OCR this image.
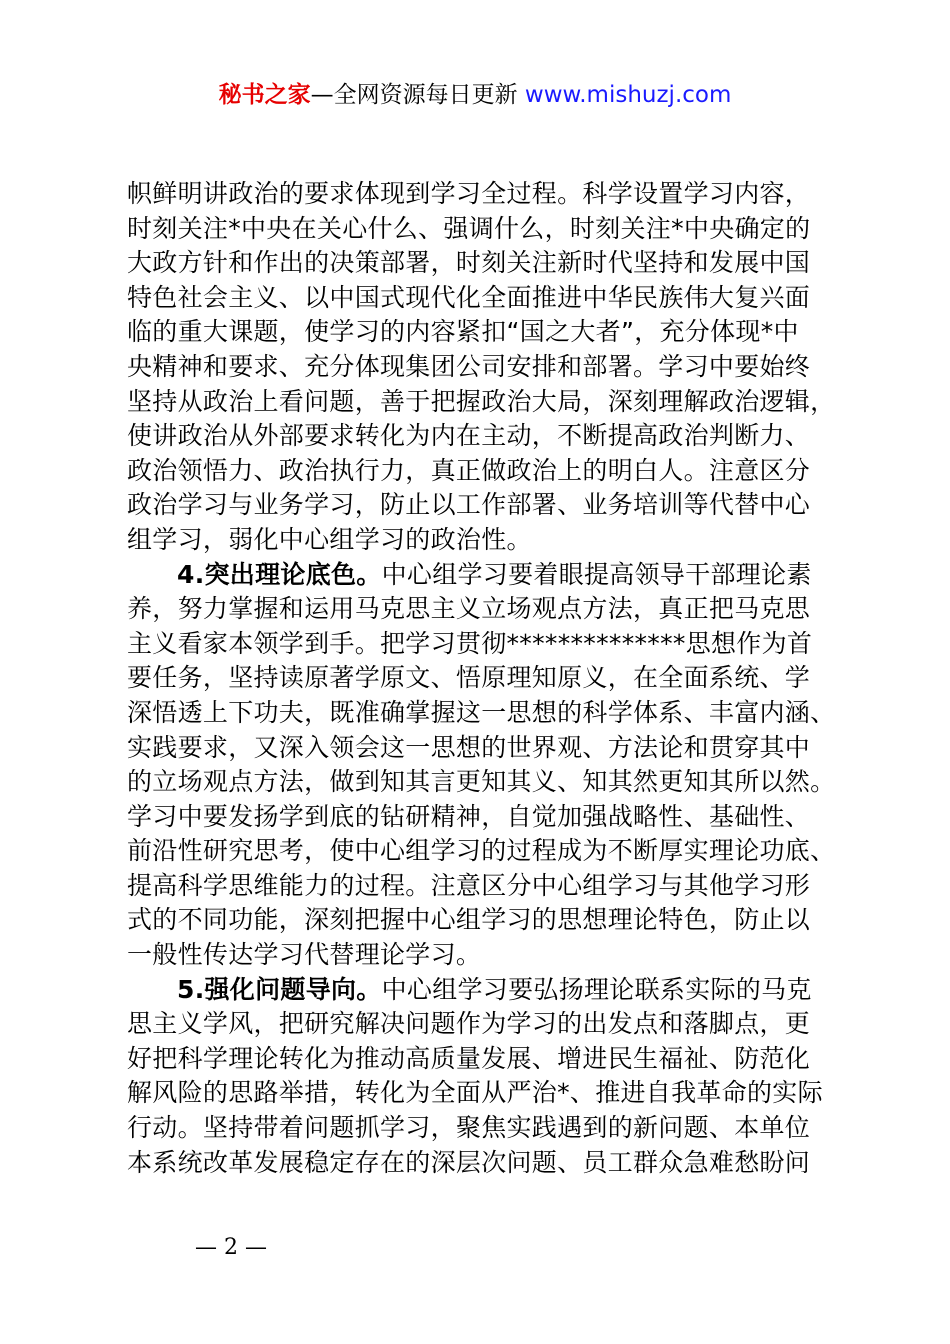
秘书之家—全网资源每日更新 www.mishuzj.com
帜鲜明讲政治的要求体现到学习全过程。科学设置学习内容，
时刻关注*中央在关心什么、强调什么，时刻关注*中央确定的
大政方针和作出的决策部署，时刻关注新时代坚持和发展中国
特色社会主义、以中国式现代化全面推进中华民族伟大复兴面
临的重大课题，使学习的内容紧扣“国之大者”，充分体现*中
央精神和要求、充分体现集团公司安排和部署。学习中要始终
坚持从政治上看问题，善于把握政治大局，深刻理解政治逻辑，
使讲政治从外部要求转化为内在主动，不断提高政治判断力、
政治领悟力、政治执行力，真正做政治上的明白人。注意区分
政治学习与业务学习，防止以工作部署、业务培训等代替中心
组学习，弱化中心组学习的政治性。
4.突出理论底色。中心组学习要着眼提高领导干部理论素
养，努力掌握和运用马克思主义立场观点方法，真正把马克思
主义看家本领学到手。把学习贯彻**************思想作为首
要任务，坚持读原著学原文、悟原理知原义，在全面系统、学
深悟透上下功夫，既准确掌握这一思想的科学体系、丰富内涵、
实践要求，又深入领会这一思想的世界观、方法论和贯穿其中
的立场观点方法，做到知其言更知其义、知其然更知其所以然。
学习中要发扬学到底的钻研精神，自觉加强战略性、基础性、
前沿性研究思考，使中心组学习的过程成为不断厚实理论功底、
提高科学思维能力的过程。注意区分中心组学习与其他学习形
式的不同功能，深刻把握中心组学习的思想理论特色，防止以
一般性传达学习代替理论学习。
5.强化问题导向。中心组学习要弘扬理论联系实际的马克
思主义学风，把研究解决问题作为学习的出发点和落脚点，更
好把科学理论转化为推动高质量发展、增进民生福祉、防范化
解风险的思路举措，转化为全面从严治*、推进自我革命的实际
行动。坚持带着问题抓学习，聚焦实践遇到的新问题、本单位
本系统改革发展稳定存在的深层次问题、员工群众急难愁盼问
— 2 —
